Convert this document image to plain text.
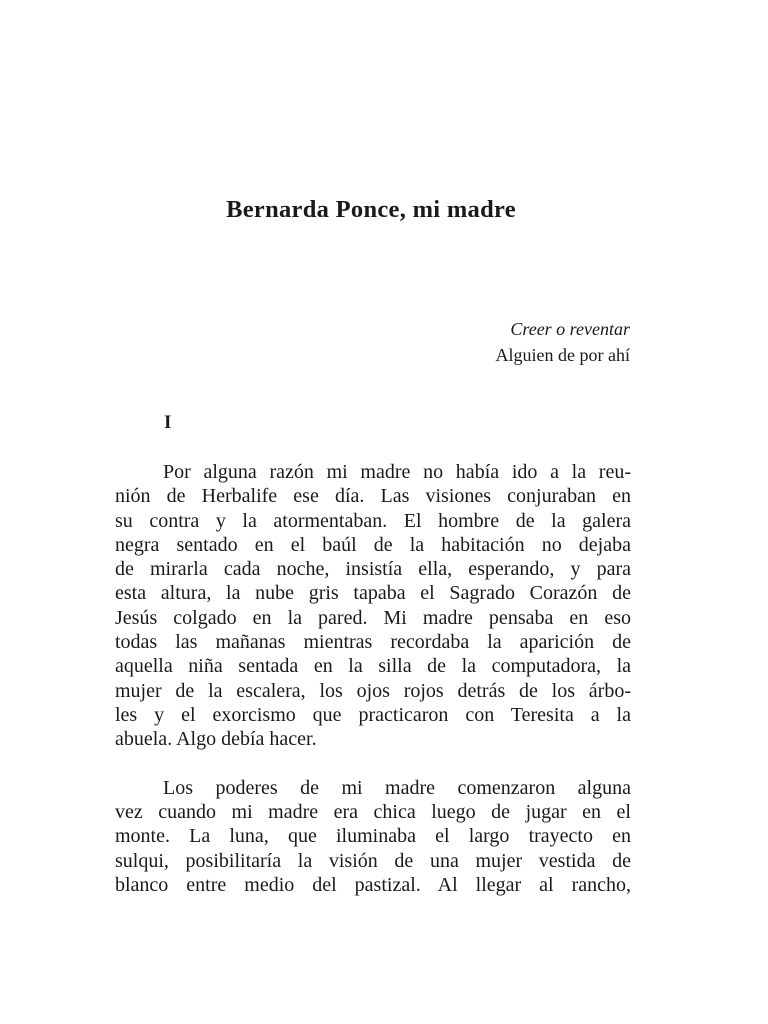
Bernarda Ponce, mi madre
Creer o reventar
Alguien de por ahí
I
Por alguna razón mi madre no había ido a la reu-
nión de Herbalife ese día. Las visiones conjuraban en
su contra y la atormentaban. El hombre de la galera
negra sentado en el baúl de la habitación no dejaba
de mirarla cada noche, insistía ella, esperando, y para
esta altura, la nube gris tapaba el Sagrado Corazón de
Jesús colgado en la pared. Mi madre pensaba en eso
todas las mañanas mientras recordaba la aparición de
aquella niña sentada en la silla de la computadora, la
mujer de la escalera, los ojos rojos detrás de los árbo-
les y el exorcismo que practicaron con Teresita a la
abuela. Algo debía hacer.
Los poderes de mi madre comenzaron alguna
vez cuando mi madre era chica luego de jugar en el
monte. La luna, que iluminaba el largo trayecto en
sulqui, posibilitaría la visión de una mujer vestida de
blanco entre medio del pastizal. Al llegar al rancho,
